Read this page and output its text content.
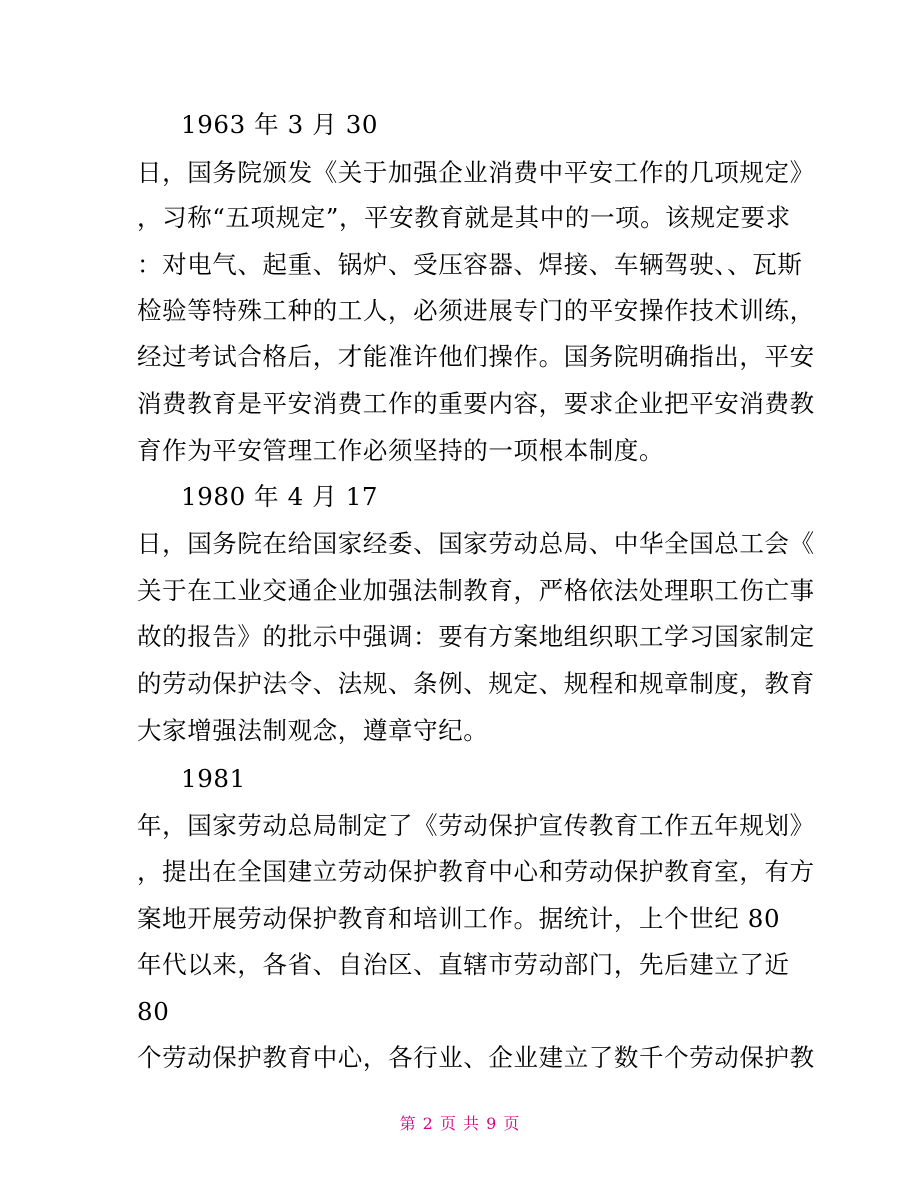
1963 年 3 月 30
日，国务院颁发《关于加强企业消费中平安工作的几项规定》
，习称“五项规定”，平安教育就是其中的一项。该规定要求
：对电气、起重、锅炉、受压容器、焊接、车辆驾驶、、瓦斯
检验等特殊工种的工人，必须进展专门的平安操作技术训练，
经过考试合格后，才能准许他们操作。国务院明确指出，平安
消费教育是平安消费工作的重要内容，要求企业把平安消费教
育作为平安管理工作必须坚持的一项根本制度。
1980 年 4 月 17
日，国务院在给国家经委、国家劳动总局、中华全国总工会《
关于在工业交通企业加强法制教育，严格依法处理职工伤亡事
故的报告》的批示中强调：要有方案地组织职工学习国家制定
的劳动保护法令、法规、条例、规定、规程和规章制度，教育
大家增强法制观念，遵章守纪。
1981
年，国家劳动总局制定了《劳动保护宣传教育工作五年规划》
，提出在全国建立劳动保护教育中心和劳动保护教育室，有方
案地开展劳动保护教育和培训工作。据统计，上个世纪 80
年代以来，各省、自治区、直辖市劳动部门，先后建立了近
80
个劳动保护教育中心，各行业、企业建立了数千个劳动保护教
第 2 页 共 9 页
